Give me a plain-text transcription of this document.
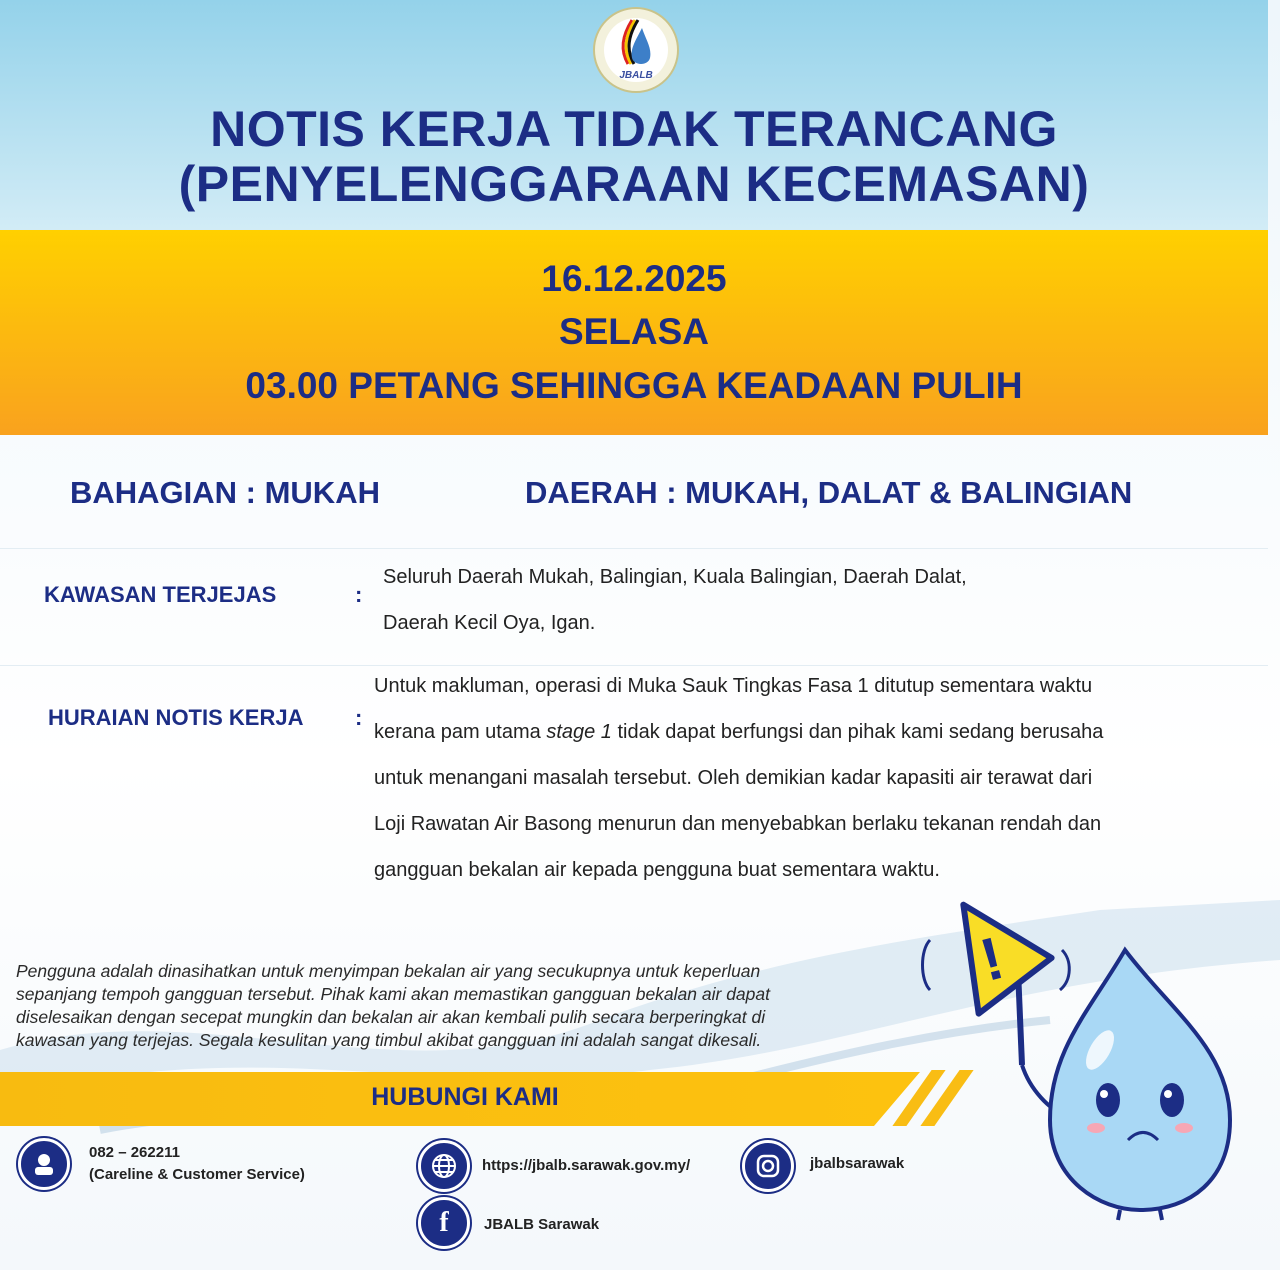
JBALB
NOTIS KERJA TIDAK TERANCANG
(PENYELENGGARAAN KECEMASAN)
16.12.2025
SELASA
03.00 PETANG SEHINGGA KEADAAN PULIH
BAHAGIAN : MUKAH	DAERAH : MUKAH, DALAT & BALINGIAN
KAWASAN TERJEJAS	:
Seluruh Daerah Mukah, Balingian, Kuala Balingian, Daerah Dalat,
Daerah Kecil Oya, Igan.
HURAIAN NOTIS KERJA :
Untuk makluman, operasi di Muka Sauk Tingkas Fasa 1 ditutup sementara waktu
kerana pam utama stage 1 tidak dapat berfungsi dan pihak kami sedang berusaha
untuk menangani masalah tersebut. Oleh demikian kadar kapasiti air terawat dari
Loji Rawatan Air Basong menurun dan menyebabkan berlaku tekanan rendah dan
gangguan bekalan air kepada pengguna buat sementara waktu.
Pengguna adalah dinasihatkan untuk menyimpan bekalan air yang secukupnya untuk keperluan
sepanjang tempoh gangguan tersebut. Pihak kami akan memastikan gangguan bekalan air dapat
diselesaikan dengan secepat mungkin dan bekalan air akan kembali pulih secara berperingkat di
kawasan yang terjejas. Segala kesulitan yang timbul akibat gangguan ini adalah sangat dikesali.
HUBUNGI KAMI
082 – 262211
(Careline & Customer Service)
https://jbalb.sarawak.gov.my/	jbalbsarawak
f JBALB Sarawak
!
